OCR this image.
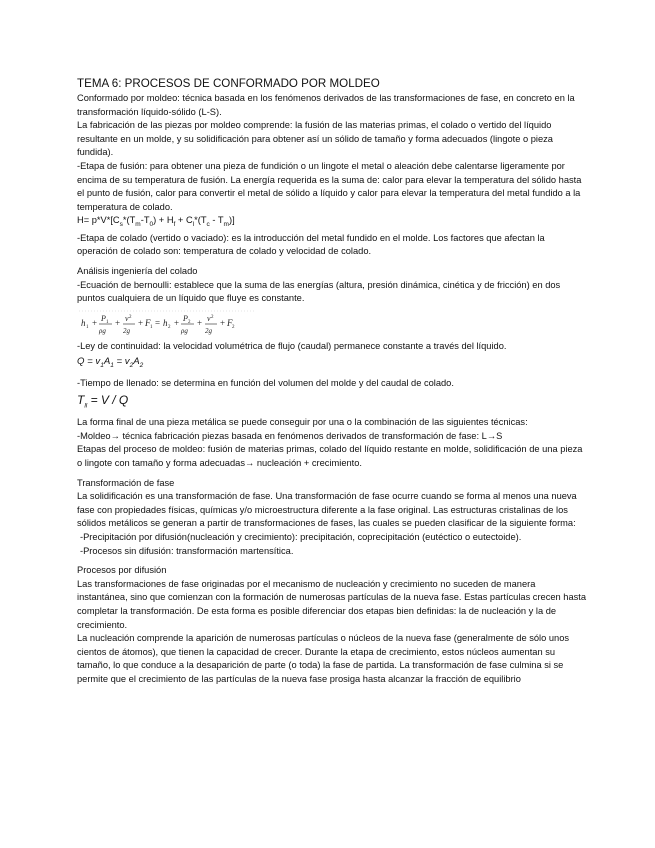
TEMA 6: PROCESOS DE CONFORMADO POR MOLDEO

Conformado por moldeo: técnica basada en los fenómenos derivados de las transformaciones de fase, en concreto en la transformación líquido-sólido (L-S).

La fabricación de las piezas por moldeo comprende: la fusión de las materias primas, el colado o vertido del líquido resultante en un molde, y su solidificación para obtener así un sólido de tamaño y forma adecuados (lingote o pieza fundida).

-Etapa de fusión: para obtener una pieza de fundición o un lingote el metal o aleación debe calentarse ligeramente por encima de su temperatura de fusión. La energía requerida es la suma de: calor para elevar la temperatura del sólido hasta el punto de fusión, calor para convertir el metal de sólido a líquido y calor para elevar la temperatura del metal fundido a la temperatura de colado.

$H= p*V*[C_s*(T_m-T_0) + H_f + C_l*(T_c - T_m)]$

-Etapa de colado (vertido o vaciado): es la introducción del metal fundido en el molde. Los factores que afectan la operación de colado son: temperatura de colado y velocidad de colado.

Análisis ingeniería del colado

-Ecuación de bernoulli: establece que la suma de las energías (altura, presión dinámica, cinética y de fricción) en dos puntos cualquiera de un líquido que fluye es constante.

h 1 + P 1
ρg
+ v 2
2g
+ F 1 = h 2 + P 2
ρg
+ v 2
2g
+ F 2

-Ley de continuidad: la velocidad volumétrica de flujo (caudal) permanece constante a través del líquido.

$Q = v_1A_1 = v_2A_2$

-Tiempo de llenado: se determina en función del volumen del molde y del caudal de colado.

$T_{ll} = V / Q$

La forma final de una pieza metálica se puede conseguir por una o la combinación de las siguientes técnicas:

-Moldeo→ técnica fabricación piezas basada en fenómenos derivados de transformación de fase: L→S

Etapas del proceso de moldeo: fusión de materias primas, colado del líquido restante en molde, solidificación de una pieza o lingote con tamaño y forma adecuadas→ nucleación + crecimiento.

Transformación de fase

La solidificación es una transformación de fase. Una transformación de fase ocurre cuando se forma al menos una nueva fase con propiedades físicas, químicas y/o microestructura diferente a la fase original. Las estructuras cristalinas de los sólidos metálicos se generan a partir de transformaciones de fases, las cuales se pueden clasificar de la siguiente forma:

-Precipitación por difusión(nucleación y crecimiento): precipitación, coprecipitación (eutéctico o eutectoide).

-Procesos sin difusión: transformación martensítica.

Procesos por difusión

Las transformaciones de fase originadas por el mecanismo de nucleación y crecimiento no suceden de manera instantánea, sino que comienzan con la formación de numerosas partículas de la nueva fase. Estas partículas crecen hasta completar la transformación. De esta forma es posible diferenciar dos etapas bien definidas: la de nucleación y la de crecimiento.

La nucleación comprende la aparición de numerosas partículas o núcleos de la nueva fase (generalmente de sólo unos cientos de átomos), que tienen la capacidad de crecer. Durante la etapa de crecimiento, estos núcleos aumentan su tamaño, lo que conduce a la desaparición de parte (o toda) la fase de partida. La transformación de fase culmina si se permite que el crecimiento de las partículas de la nueva fase prosiga hasta alcanzar la fracción de equilibrio
